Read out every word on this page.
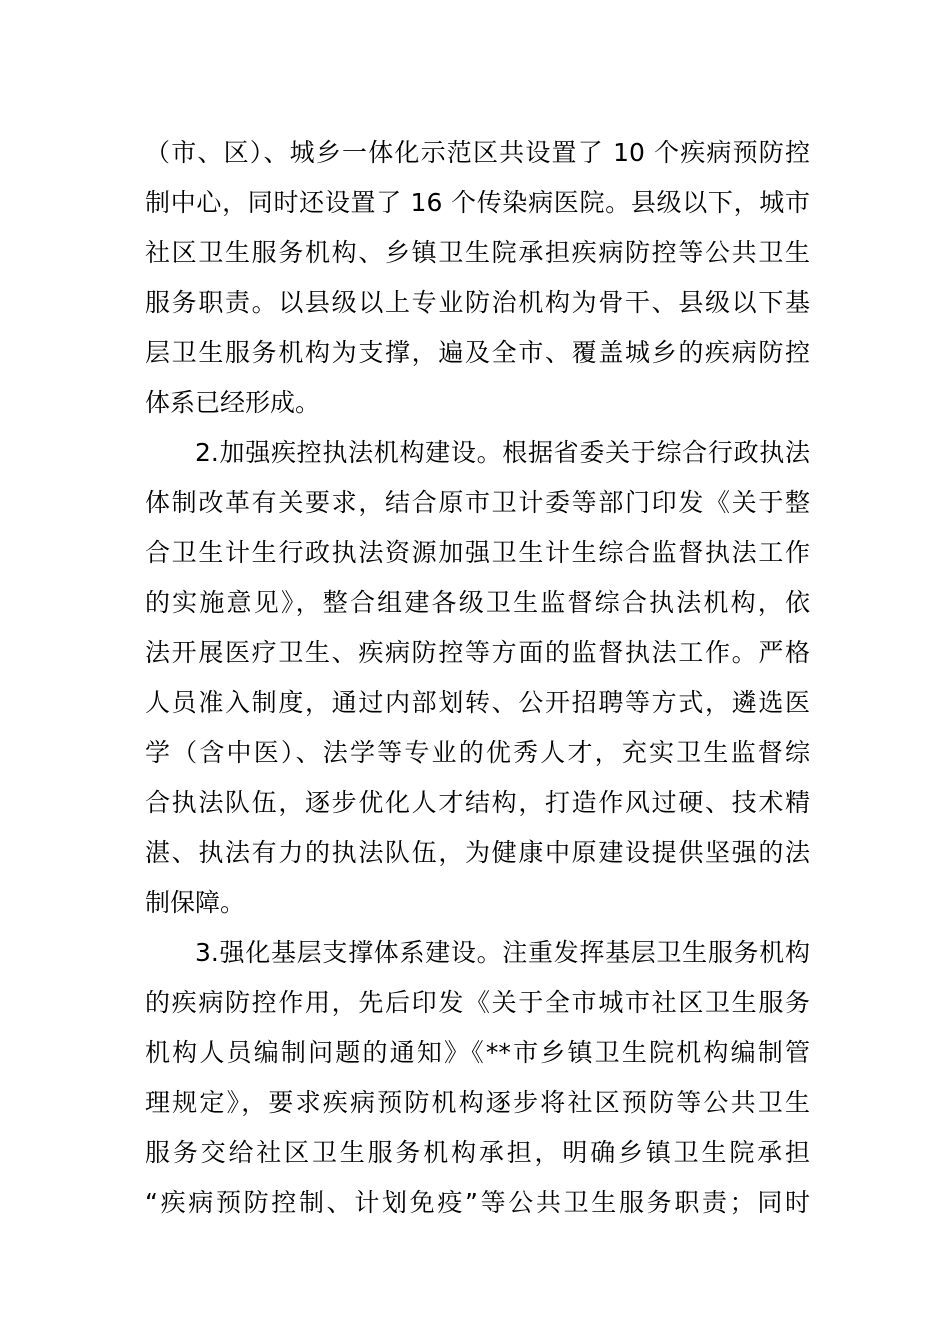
（市、区）、城乡一体化示范区共设置了 10 个疾病预防控
制中心，同时还设置了 16 个传染病医院。县级以下，城市
社区卫生服务机构、乡镇卫生院承担疾病防控等公共卫生
服务职责。以县级以上专业防治机构为骨干、县级以下基
层卫生服务机构为支撑，遍及全市、覆盖城乡的疾病防控
体系已经形成。
2.加强疾控执法机构建设。根据省委关于综合行政执法
体制改革有关要求，结合原市卫计委等部门印发《关于整
合卫生计生行政执法资源加强卫生计生综合监督执法工作
的实施意见》，整合组建各级卫生监督综合执法机构，依
法开展医疗卫生、疾病防控等方面的监督执法工作。严格
人员准入制度，通过内部划转、公开招聘等方式，遴选医
学（含中医）、法学等专业的优秀人才，充实卫生监督综
合执法队伍，逐步优化人才结构，打造作风过硬、技术精
湛、执法有力的执法队伍，为健康中原建设提供坚强的法
制保障。
3.强化基层支撑体系建设。注重发挥基层卫生服务机构
的疾病防控作用，先后印发《关于全市城市社区卫生服务
机构人员编制问题的通知》《**市乡镇卫生院机构编制管
理规定》，要求疾病预防机构逐步将社区预防等公共卫生
服务交给社区卫生服务机构承担，明确乡镇卫生院承担
“疾病预防控制、计划免疫”等公共卫生服务职责；同时
